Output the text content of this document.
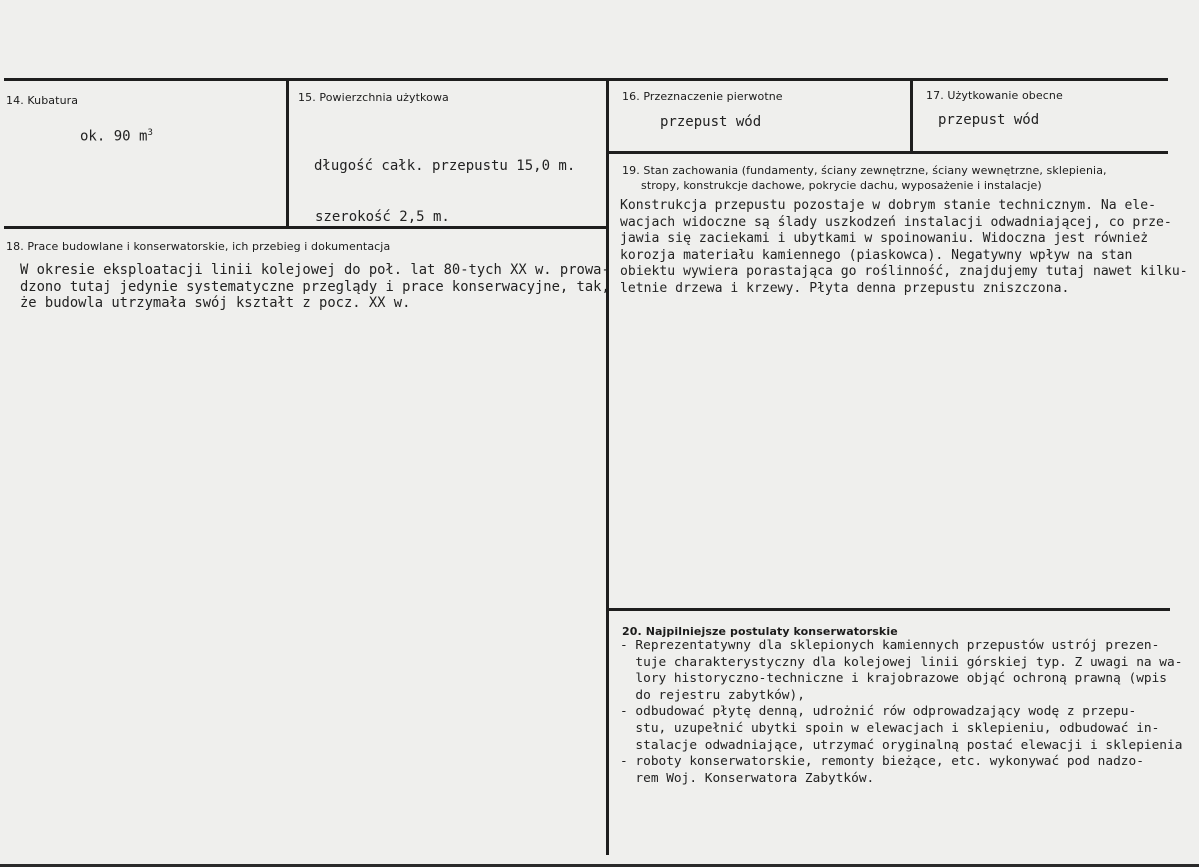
14. Kubatura
ok. 90 $m^3$
15. Powierzchnia użytkowa

długość całk. przepustu 15,0 m.

szerokość 2,5 m.

16. Przeznaczenie pierwotne
przepust wód
17. Użytkowanie obecne
przepust wód
18. Prace budowlane i konserwatorskie, ich przebieg i dokumentacja
W okresie eksploatacji linii kolejowej do poł. lat 80-tych XX w. prowa-
dzono tutaj jedynie systematyczne przeglądy i prace konserwacyjne, tak,
że budowla utrzymała swój kształt z pocz. XX w.
19. Stan zachowania (fundamenty, ściany zewnętrzne, ściany wewnętrzne, sklepienia,
stropy, konstrukcje dachowe, pokrycie dachu, wyposażenie i instalacje)
Konstrukcja przepustu pozostaje w dobrym stanie technicznym. Na ele-
wacjach widoczne są ślady uszkodzeń instalacji odwadniającej, co prze-
jawia się zaciekami i ubytkami w spoinowaniu. Widoczna jest również
korozja materiału kamiennego (piaskowca). Negatywny wpływ na stan
obiektu wywiera porastająca go roślinność, znajdujemy tutaj nawet kilku-
letnie drzewa i krzewy. Płyta denna przepustu zniszczona.
20. Najpilniejsze postulaty konserwatorskie
- Reprezentatywny dla sklepionych kamiennych przepustów ustrój prezen-
tuje charakterystyczny dla kolejowej linii górskiej typ. Z uwagi na wa-
lory historyczno-techniczne i krajobrazowe objąć ochroną prawną (wpis
do rejestru zabytków),
- odbudować płytę denną, udrożnić rów odprowadzający wodę z przepu-
stu, uzupełnić ubytki spoin w elewacjach i sklepieniu, odbudować in-
stalacje odwadniające, utrzymać oryginalną postać elewacji i sklepienia
- roboty konserwatorskie, remonty bieżące, etc. wykonywać pod nadzo-
rem Woj. Konserwatora Zabytków.
